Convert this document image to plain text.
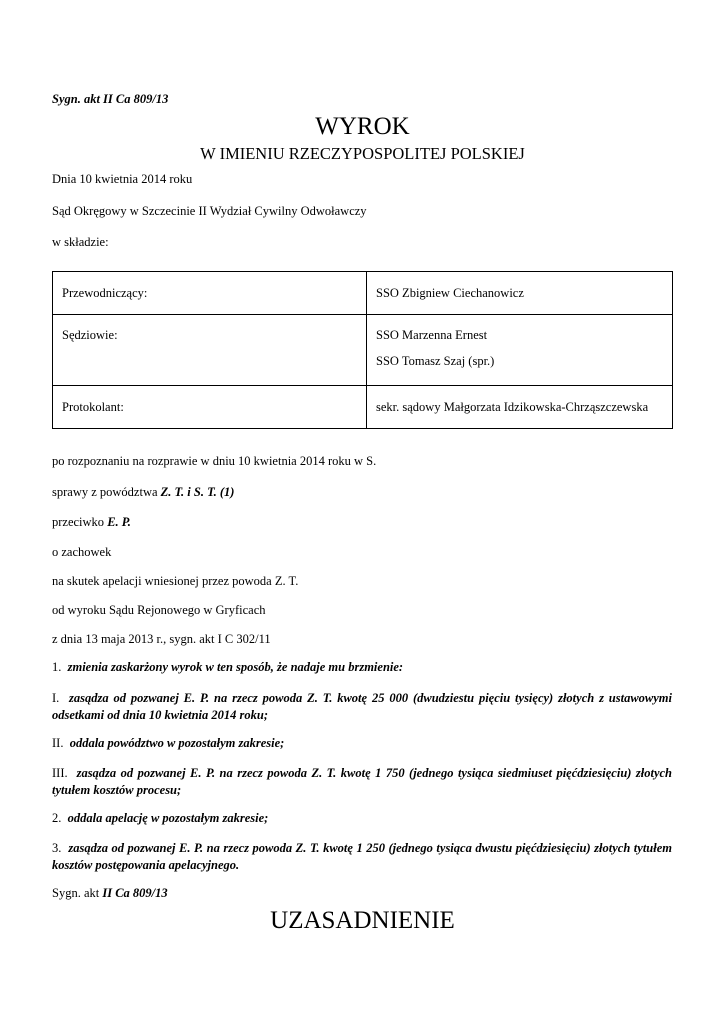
Sygn. akt II Ca 809/13
WYROK
W IMIENIU RZECZYPOSPOLITEJ POLSKIEJ
Dnia 10 kwietnia 2014 roku
Sąd Okręgowy w Szczecinie II Wydział Cywilny Odwoławczy
w składzie:
Przewodniczący:	SSO Zbigniew Ciechanowicz

Sędziowie:	SSO Marzenna Ernest
SSO Tomasz Szaj (spr.)

Protokolant:	sekr. sądowy Małgorzata Idzikowska-Chrząszczewska
po rozpoznaniu na rozprawie w dniu 10 kwietnia 2014 roku w S.
sprawy z powództwa Z. T. i S. T. (1)
przeciwko E. P.
o zachowek
na skutek apelacji wniesionej przez powoda Z. T.
od wyroku Sądu Rejonowego w Gryficach
z dnia 13 maja 2013 r., sygn. akt I C 302/11
1. zmienia zaskarżony wyrok w ten sposób, że nadaje mu brzmienie:
I. zasądza od pozwanej E. P. na rzecz powoda Z. T. kwotę 25 000 (dwudziestu pięciu tysięcy) złotych z ustawowymi odsetkami od dnia 10 kwietnia 2014 roku;
II. oddala powództwo w pozostałym zakresie;
III. zasądza od pozwanej E. P. na rzecz powoda Z. T. kwotę 1 750 (jednego tysiąca siedmiuset pięćdziesięciu) złotych tytułem kosztów procesu;
2. oddala apelację w pozostałym zakresie;
3. zasądza od pozwanej E. P. na rzecz powoda Z. T. kwotę 1 250 (jednego tysiąca dwustu pięćdziesięciu) złotych tytułem kosztów postępowania apelacyjnego.
Sygn. akt II Ca 809/13
UZASADNIENIE
